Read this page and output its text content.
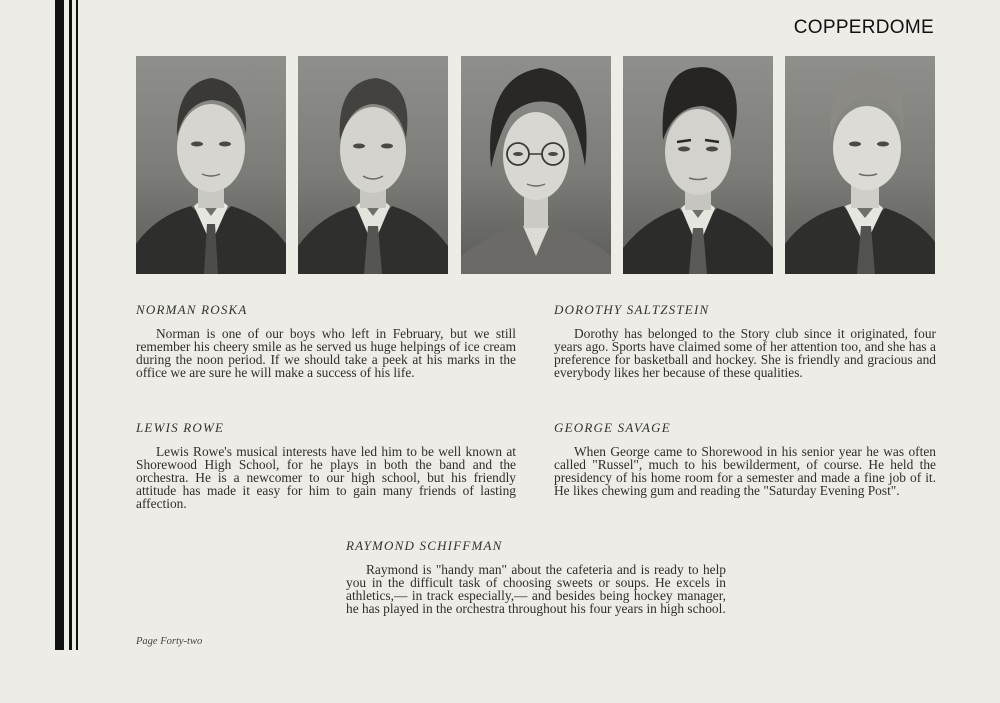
COPPERDOME
NORMAN ROSKA

Norman is one of our boys who left in February, but we still remember his cheery smile as he served us huge helpings of ice cream during the noon period. If we should take a peek at his marks in the office we are sure he will make a success of his life.

DOROTHY SALTZSTEIN

Dorothy has belonged to the Story club since it originated, four years ago. Sports have claimed some of her attention too, and she has a preference for basketball and hockey. She is friendly and gracious and everybody likes her because of these qualities.

LEWIS ROWE

Lewis Rowe's musical interests have led him to be well known at Shorewood High School, for he plays in both the band and the orchestra. He is a newcomer to our high school, but his friendly attitude has made it easy for him to gain many friends of lasting affection.

GEORGE SAVAGE

When George came to Shorewood in his senior year he was often called "Russel", much to his bewilderment, of course. He held the presidency of his home room for a semester and made a fine job of it. He likes chewing gum and reading the "Saturday Evening Post".

RAYMOND SCHIFFMAN

Raymond is "handy man" about the cafeteria and is ready to help you in the difficult task of choosing sweets or soups. He excels in athletics,— in track especially,— and besides being hockey manager, he has played in the orchestra throughout his four years in high school.

Page Forty-two
